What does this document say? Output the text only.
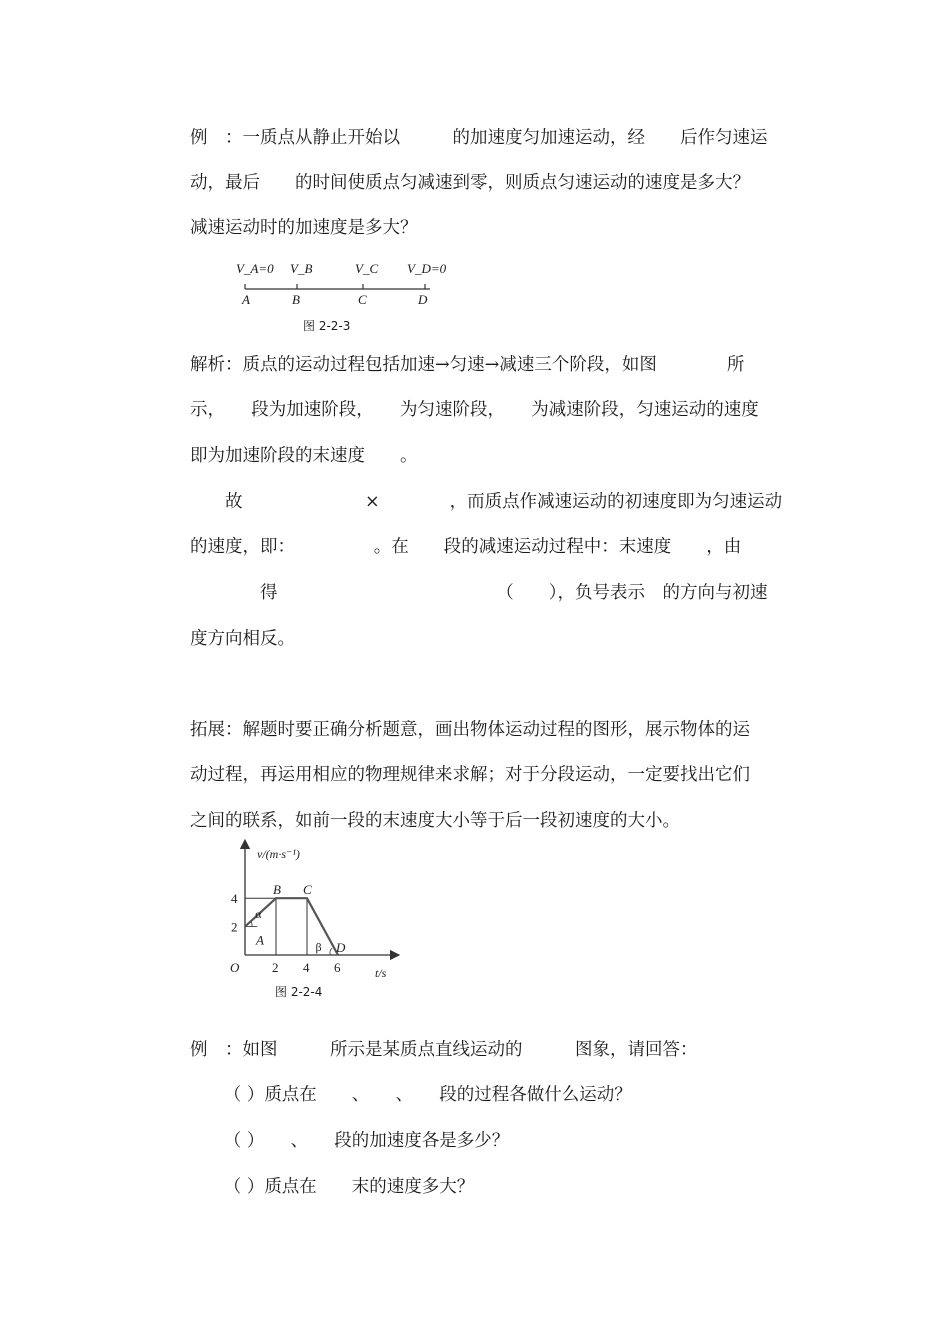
例　：一质点从静止开始以　　　的加速度匀加速运动，经　　后作匀速运
动，最后　　的时间使质点匀减速到零，则质点匀速运动的速度是多大？
减速运动时的加速度是多大？
V_A=0 V_B	V_C V_D=0
A	B	C	D
图 2-2-3
解析：质点的运动过程包括加速→匀速→减速三个阶段，如图　　　　所
示，　　段为加速阶段，　　为匀速阶段，　　为减速阶段，匀速运动的速度
即为加速阶段的末速度　　。
　　故　　　　　　　×　　　　，而质点作减速运动的初速度即为匀速运动
的速度，即：　　　　　。在　　段的减速运动过程中：末速度　　，由
　　　　得　　　　　　　　　　　　　（　　），负号表示　的方向与初速
度方向相反。
拓展：解题时要正确分析题意，画出物体运动过程的图形，展示物体的运
动过程，再运用相应的物理规律来求解；对于分段运动，一定要找出它们
之间的联系，如前一段的末速度大小等于后一段初速度的大小。
2 4 6
2
4
O	t/s
v/(m·s⁻¹)
A
B C
D
α
β
图 2-2-4
例　：如图　　　所示是某质点直线运动的　　　图象，请回答：
　（ ）质点在　　、　　、　　段的过程各做什么运动？
　（ ）　　、　　段的加速度各是多少？
　（ ）质点在　　末的速度多大？
